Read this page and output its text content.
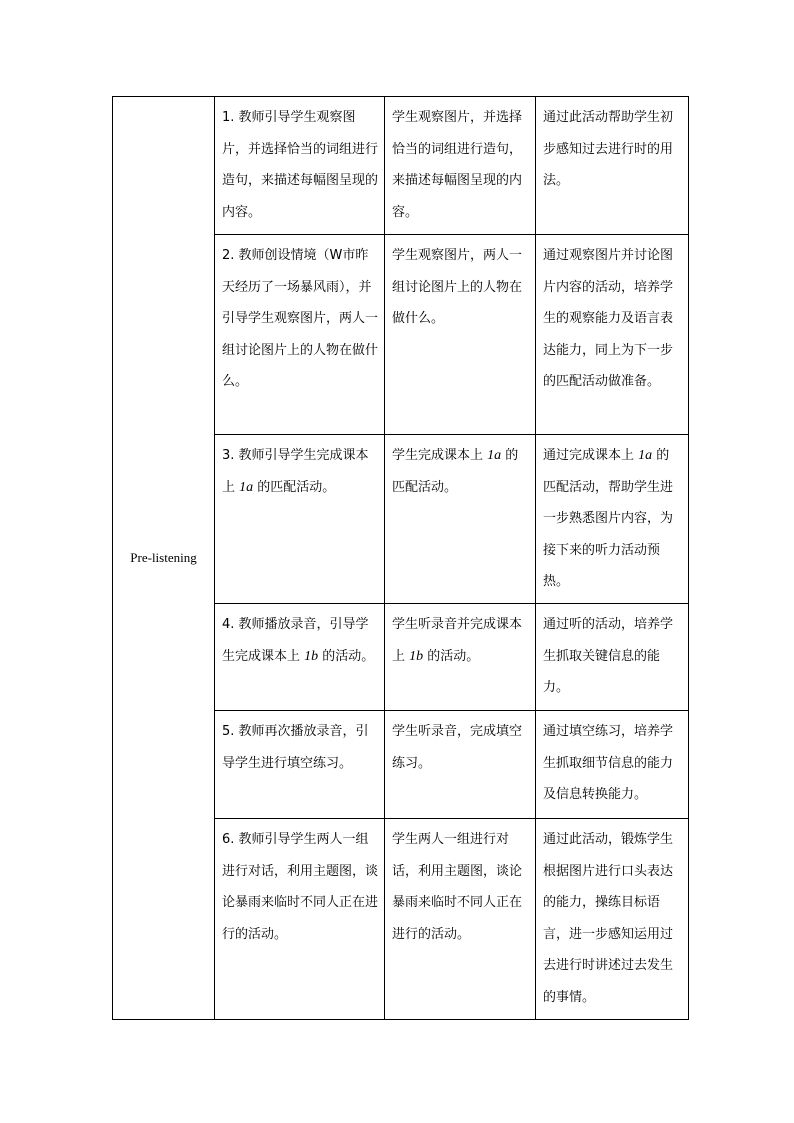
Pre-listening	1. 教师引导学生观察图片，并选择恰当的词组进行造句，来描述每幅图呈现的内容。	学生观察图片，并选择恰当的词组进行造句，来描述每幅图呈现的内容。	通过此活动帮助学生初步感知过去进行时的用法。
	2. 教师创设情境（W市昨天经历了一场暴风雨），并引导学生观察图片，两人一组讨论图片上的人物在做什么。	学生观察图片，两人一组讨论图片上的人物在做什么。	通过观察图片并讨论图片内容的活动，培养学生的观察能力及语言表达能力，同上为下一步的匹配活动做准备。
	3. 教师引导学生完成课本上 1a 的匹配活动。	学生完成课本上 1a 的匹配活动。	通过完成课本上 1a 的匹配活动，帮助学生进一步熟悉图片内容，为接下来的听力活动预热。
	4. 教师播放录音，引导学生完成课本上 1b 的活动。	学生听录音并完成课本上 1b 的活动。	通过听的活动，培养学生抓取关键信息的能力。
	5. 教师再次播放录音，引导学生进行填空练习。	学生听录音，完成填空练习。	通过填空练习，培养学生抓取细节信息的能力及信息转换能力。
	6. 教师引导学生两人一组进行对话，利用主题图，谈论暴雨来临时不同人正在进行的活动。	学生两人一组进行对话，利用主题图，谈论暴雨来临时不同人正在进行的活动。	通过此活动，锻炼学生根据图片进行口头表达的能力，操练目标语言，进一步感知运用过去进行时讲述过去发生的事情。
